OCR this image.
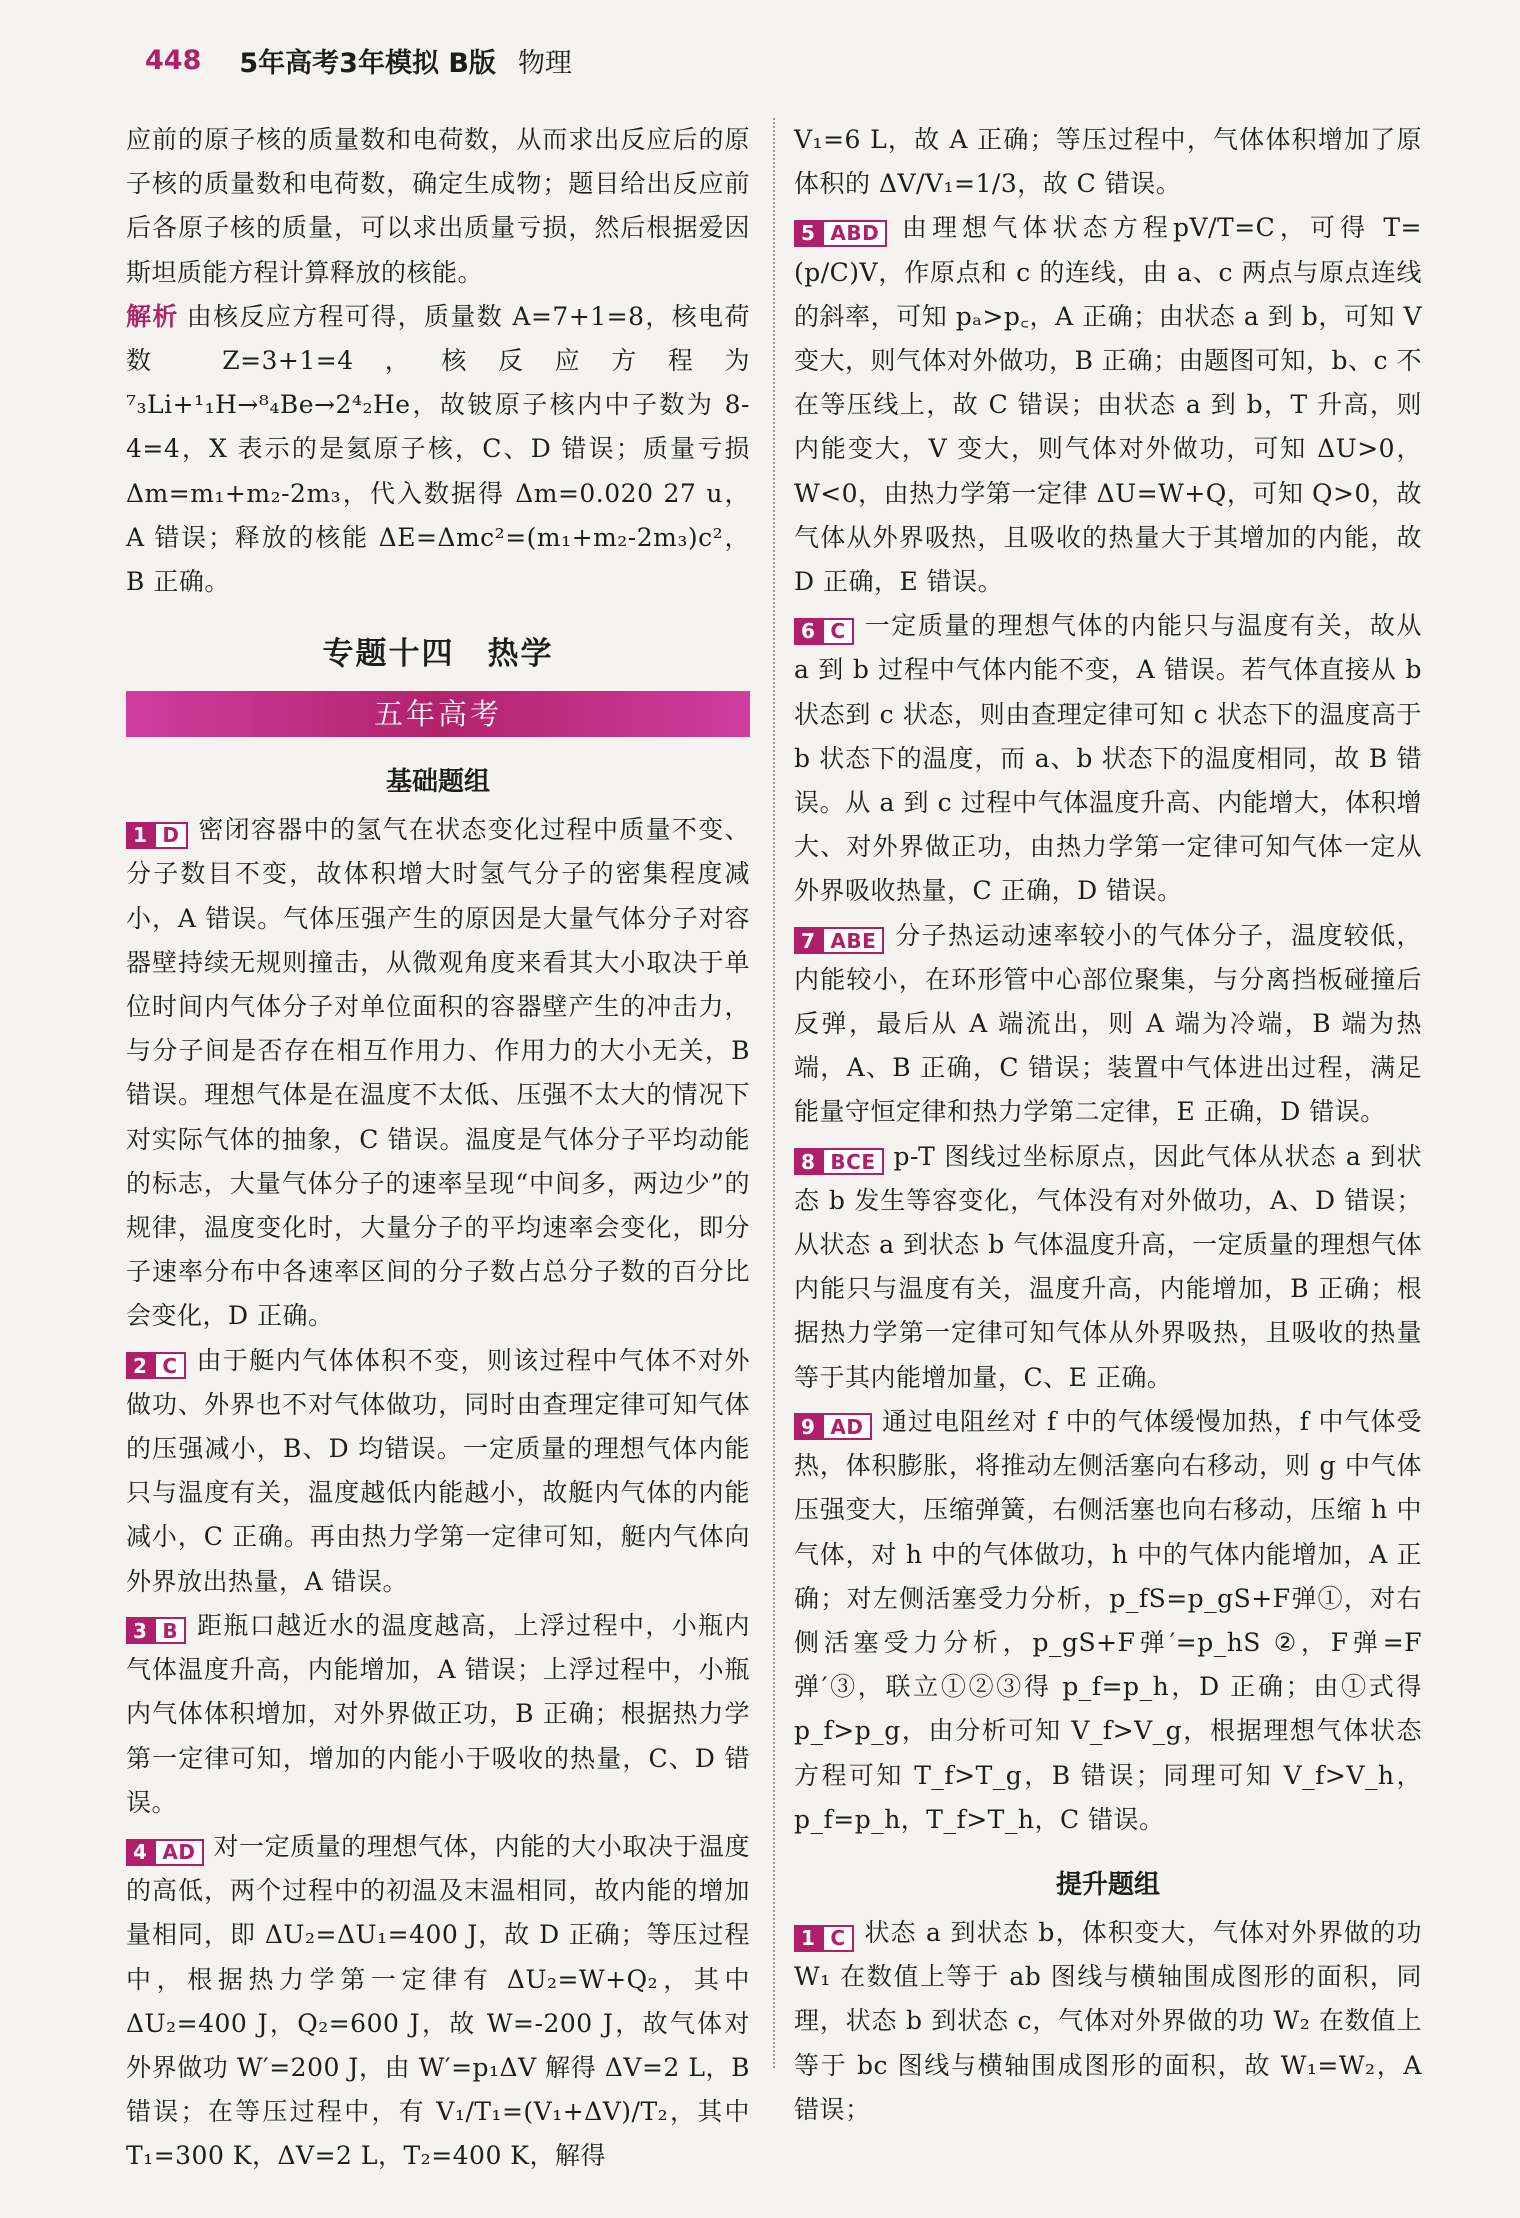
448 5年高考3年模拟 B版 物理

应前的原子核的质量数和电荷数，从而求出反应后的原子核的质量数和电荷数，确定生成物；题目给出反应前后各原子核的质量，可以求出质量亏损，然后根据爱因斯坦质能方程计算释放的核能。

解析 由核反应方程可得，质量数 A=7+1=8，核电荷数 Z=3+1=4，核反应方程为⁷₃Li+¹₁H→⁸₄Be→2⁴₂He，故铍原子核内中子数为 8-4=4，X 表示的是氦原子核，C、D 错误；质量亏损 Δm=m₁+m₂-2m₃，代入数据得 Δm=0.020 27 u，A 错误；释放的核能 ΔE=Δmc²=(m₁+m₂-2m₃)c²，B 正确。

专题十四　热学
五年高考
基础题组

1 D 密闭容器中的氢气在状态变化过程中质量不变、分子数目不变，故体积增大时氢气分子的密集程度减小，A 错误。气体压强产生的原因是大量气体分子对容器壁持续无规则撞击，从微观角度来看其大小取决于单位时间内气体分子对单位面积的容器壁产生的冲击力，与分子间是否存在相互作用力、作用力的大小无关，B 错误。理想气体是在温度不太低、压强不太大的情况下对实际气体的抽象，C 错误。温度是气体分子平均动能的标志，大量气体分子的速率呈现“中间多，两边少”的规律，温度变化时，大量分子的平均速率会变化，即分子速率分布中各速率区间的分子数占总分子数的百分比会变化，D 正确。

2 C 由于艇内气体体积不变，则该过程中气体不对外做功、外界也不对气体做功，同时由查理定律可知气体的压强减小，B、D 均错误。一定质量的理想气体内能只与温度有关，温度越低内能越小，故艇内气体的内能减小，C 正确。再由热力学第一定律可知，艇内气体向外界放出热量，A 错误。

3 B 距瓶口越近水的温度越高，上浮过程中，小瓶内气体温度升高，内能增加，A 错误；上浮过程中，小瓶内气体体积增加，对外界做正功，B 正确；根据热力学第一定律可知，增加的内能小于吸收的热量，C、D 错误。

4 AD 对一定质量的理想气体，内能的大小取决于温度的高低，两个过程中的初温及末温相同，故内能的增加量相同，即 ΔU₂=ΔU₁=400 J，故 D 正确；等压过程中，根据热力学第一定律有 ΔU₂=W+Q₂，其中 ΔU₂=400 J，Q₂=600 J，故 W=-200 J，故气体对外界做功 W′=200 J，由 W′=p₁ΔV 解得 ΔV=2 L，B 错误；在等压过程中，有 V₁/T₁=(V₁+ΔV)/T₂，其中 T₁=300 K，ΔV=2 L，T₂=400 K，解得

V₁=6 L，故 A 正确；等压过程中，气体体积增加了原体积的 ΔV/V₁=1/3，故 C 错误。

5 ABD 由理想气体状态方程pV/T=C，可得 T=(p/C)V，作原点和 c 的连线，由 a、c 两点与原点连线的斜率，可知 pₐ>p꜀，A 正确；由状态 a 到 b，可知 V 变大，则气体对外做功，B 正确；由题图可知，b、c 不在等压线上，故 C 错误；由状态 a 到 b，T 升高，则内能变大，V 变大，则气体对外做功，可知 ΔU>0，W<0，由热力学第一定律 ΔU=W+Q，可知 Q>0，故气体从外界吸热，且吸收的热量大于其增加的内能，故 D 正确，E 错误。

6 C 一定质量的理想气体的内能只与温度有关，故从 a 到 b 过程中气体内能不变，A 错误。若气体直接从 b 状态到 c 状态，则由查理定律可知 c 状态下的温度高于 b 状态下的温度，而 a、b 状态下的温度相同，故 B 错误。从 a 到 c 过程中气体温度升高、内能增大，体积增大、对外界做正功，由热力学第一定律可知气体一定从外界吸收热量，C 正确，D 错误。

7 ABE 分子热运动速率较小的气体分子，温度较低，内能较小，在环形管中心部位聚集，与分离挡板碰撞后反弹，最后从 A 端流出，则 A 端为冷端，B 端为热端，A、B 正确，C 错误；装置中气体进出过程，满足能量守恒定律和热力学第二定律，E 正确，D 错误。

8 BCE p-T 图线过坐标原点，因此气体从状态 a 到状态 b 发生等容变化，气体没有对外做功，A、D 错误；从状态 a 到状态 b 气体温度升高，一定质量的理想气体内能只与温度有关，温度升高，内能增加，B 正确；根据热力学第一定律可知气体从外界吸热，且吸收的热量等于其内能增加量，C、E 正确。

9 AD 通过电阻丝对 f 中的气体缓慢加热，f 中气体受热，体积膨胀，将推动左侧活塞向右移动，则 g 中气体压强变大，压缩弹簧，右侧活塞也向右移动，压缩 h 中气体，对 h 中的气体做功，h 中的气体内能增加，A 正确；对左侧活塞受力分析，p_fS=p_gS+F弹①，对右侧活塞受力分析，p_gS+F弹′=p_hS ②，F弹=F弹′③，联立①②③得 p_f=p_h，D 正确；由①式得 p_f>p_g，由分析可知 V_f>V_g，根据理想气体状态方程可知 T_f>T_g，B 错误；同理可知 V_f>V_h，p_f=p_h，T_f>T_h，C 错误。

提升题组

1 C 状态 a 到状态 b，体积变大，气体对外界做的功 W₁ 在数值上等于 ab 图线与横轴围成图形的面积，同理，状态 b 到状态 c，气体对外界做的功 W₂ 在数值上等于 bc 图线与横轴围成图形的面积，故 W₁=W₂，A 错误；
